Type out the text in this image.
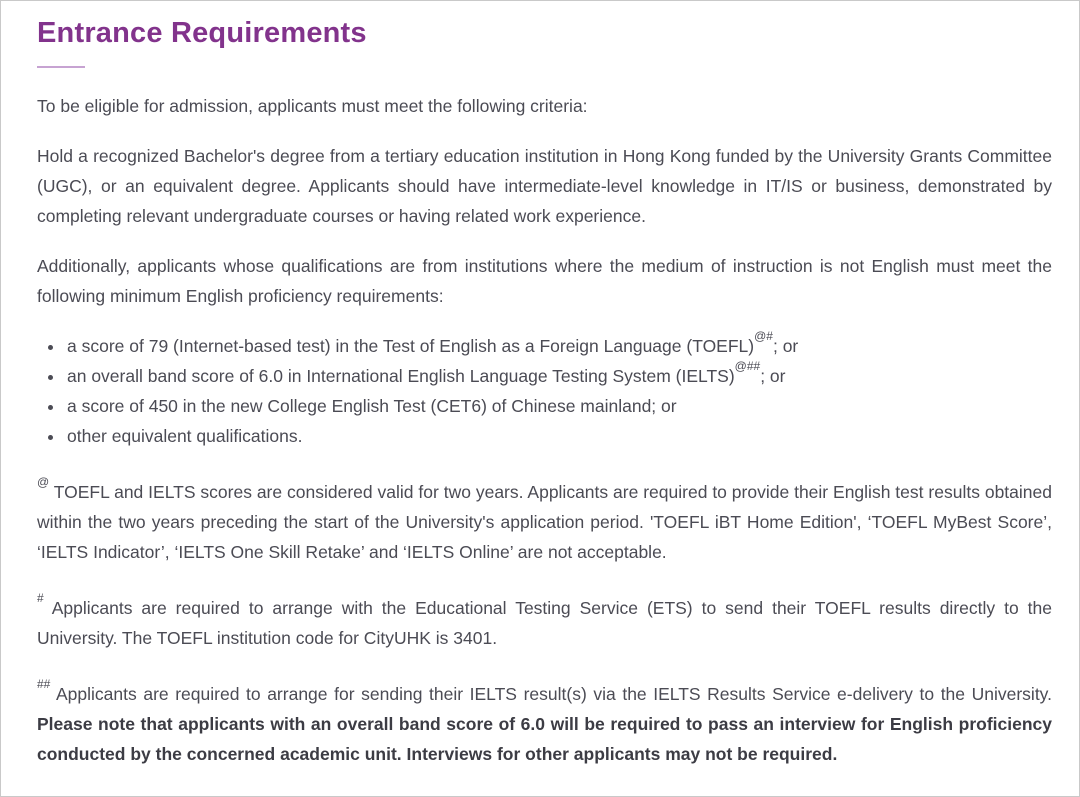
Entrance Requirements

To be eligible for admission, applicants must meet the following criteria:

Hold a recognized Bachelor's degree from a tertiary education institution in Hong Kong funded by the University Grants Committee (UGC), or an equivalent degree. Applicants should have intermediate-level knowledge in IT/IS or business, demonstrated by completing relevant undergraduate courses or having related work experience.

Additionally, applicants whose qualifications are from institutions where the medium of instruction is not English must meet the following minimum English proficiency requirements:

• a score of 79 (Internet-based test) in the Test of English as a Foreign Language (TOEFL)@#; or
• an overall band score of 6.0 in International English Language Testing System (IELTS)@##; or
• a score of 450 in the new College English Test (CET6) of Chinese mainland; or
• other equivalent qualifications.

@ TOEFL and IELTS scores are considered valid for two years. Applicants are required to provide their English test results obtained within the two years preceding the start of the University's application period. 'TOEFL iBT Home Edition', ‘TOEFL MyBest Score’, ‘IELTS Indicator’, ‘IELTS One Skill Retake’ and ‘IELTS Online’ are not acceptable.

# Applicants are required to arrange with the Educational Testing Service (ETS) to send their TOEFL results directly to the University. The TOEFL institution code for CityUHK is 3401.

## Applicants are required to arrange for sending their IELTS result(s) via the IELTS Results Service e-delivery to the University. Please note that applicants with an overall band score of 6.0 will be required to pass an interview for English proficiency conducted by the concerned academic unit. Interviews for other applicants may not be required.
